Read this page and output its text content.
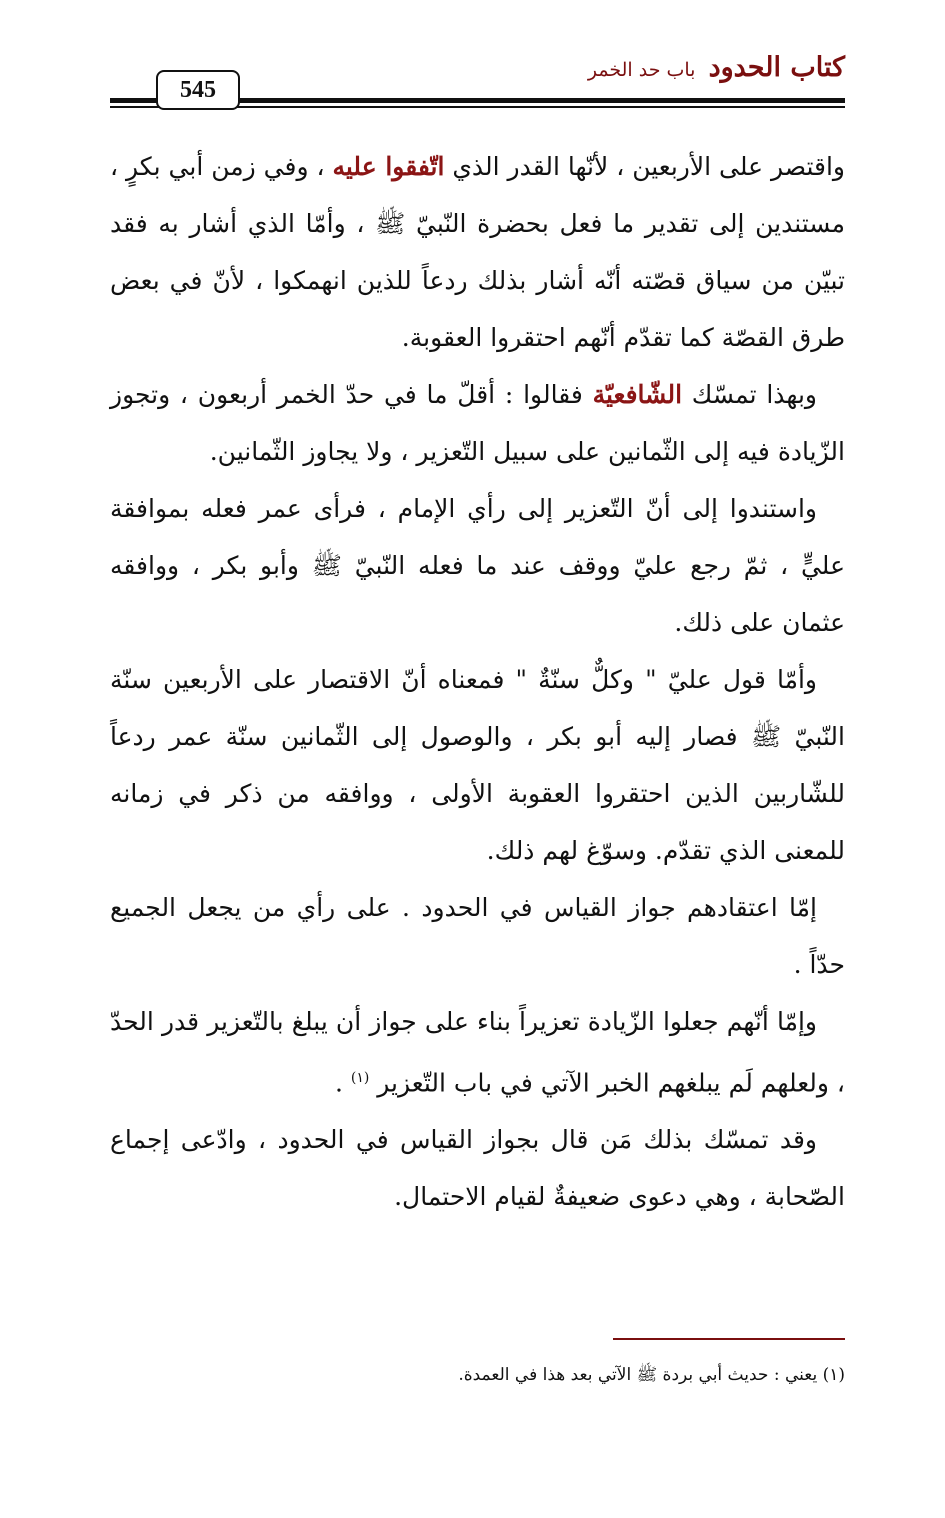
كتاب الحدود باب حد الخمر
545

واقتصر على الأربعين ، لأنّها القدر الذي اتّفقوا عليه ، وفي زمن أبي بكرٍ ، مستندين إلى تقدير ما فعل بحضرة النّبيّ ﷺ ، وأمّا الذي أشار به فقد تبيّن من سياق قصّته أنّه أشار بذلك ردعاً للذين انهمكوا ، لأنّ في بعض طرق القصّة كما تقدّم أنّهم احتقروا العقوبة.

وبهذا تمسّك الشّافعيّة فقالوا : أقلّ ما في حدّ الخمر أربعون ، وتجوز الزّيادة فيه إلى الثّمانين على سبيل التّعزير ، ولا يجاوز الثّمانين.

واستندوا إلى أنّ التّعزير إلى رأي الإمام ، فرأى عمر فعله بموافقة عليٍّ ، ثمّ رجع عليّ ووقف عند ما فعله النّبيّ ﷺ وأبو بكر ، ووافقه عثمان على ذلك.

وأمّا قول عليّ " وكلٌّ سنّةٌ " فمعناه أنّ الاقتصار على الأربعين سنّة النّبيّ ﷺ فصار إليه أبو بكر ، والوصول إلى الثّمانين سنّة عمر ردعاً للشّاربين الذين احتقروا العقوبة الأولى ، ووافقه من ذكر في زمانه للمعنى الذي تقدّم. وسوّغ لهم ذلك.

إمّا اعتقادهم جواز القياس في الحدود . على رأي من يجعل الجميع حدّاً .

وإمّا أنّهم جعلوا الزّيادة تعزيراً بناء على جواز أن يبلغ بالتّعزير قدر الحدّ ، ولعلهم لَم يبلغهم الخبر الآتي في باب التّعزير $^{(١)}$ .

وقد تمسّك بذلك مَن قال بجواز القياس في الحدود ، وادّعى إجماع الصّحابة ، وهي دعوى ضعيفةٌ لقيام الاحتمال.

(١) يعني : حديث أبي بردة ﷺ الآتي بعد هذا في العمدة.
